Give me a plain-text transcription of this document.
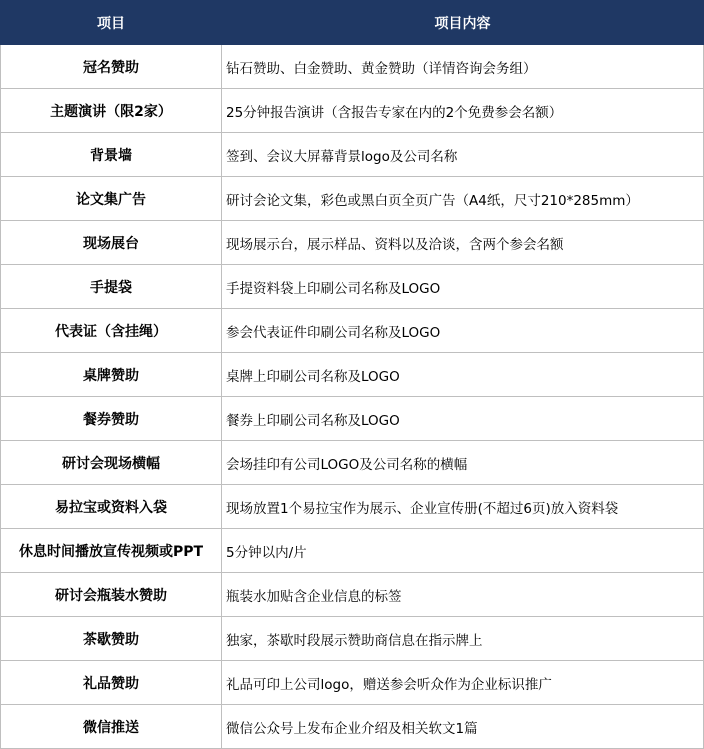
项目	项目内容
冠名赞助	钻石赞助、白金赞助、黄金赞助（详情咨询会务组）
主题演讲（限2家）	25分钟报告演讲（含报告专家在内的2个免费参会名额）
背景墙	签到、会议大屏幕背景logo及公司名称
论文集广告	研讨会论文集，彩色或黑白页全页广告（A4纸，尺寸210*285mm）
现场展台	现场展示台，展示样品、资料以及洽谈，含两个参会名额
手提袋	手提资料袋上印刷公司名称及LOGO
代表证（含挂绳）	参会代表证件印刷公司名称及LOGO
桌牌赞助	桌牌上印刷公司名称及LOGO
餐券赞助	餐券上印刷公司名称及LOGO
研讨会现场横幅	会场挂印有公司LOGO及公司名称的横幅
易拉宝或资料入袋	现场放置1个易拉宝作为展示、企业宣传册(不超过6页)放入资料袋
休息时间播放宣传视频或PPT	5分钟以内/片
研讨会瓶装水赞助	瓶装水加贴含企业信息的标签
茶歇赞助	独家，茶歇时段展示赞助商信息在指示牌上
礼品赞助	礼品可印上公司logo，赠送参会听众作为企业标识推广
微信推送	微信公众号上发布企业介绍及相关软文1篇
